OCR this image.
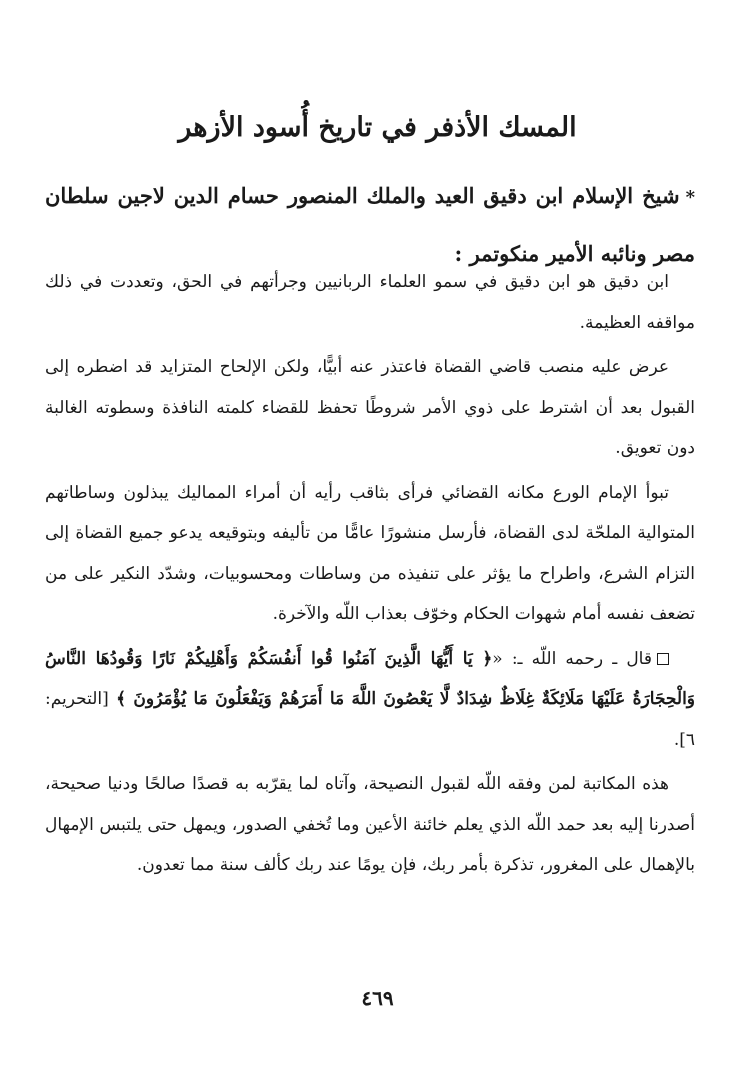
المسك الأذفر في تاريخ أُسود الأزهر
*شيخ الإسلام ابن دقيق العيد والملك المنصور حسام الدين لاجين سلطان مصر ونائبه الأمير منكوتمر :

ابن دقيق هو ابن دقيق في سمو العلماء الربانيين وجرأتهم في الحق، وتعددت في ذلك مواقفه العظيمة.

عرض عليه منصب قاضي القضاة فاعتذر عنه أبيًّا، ولكن الإلحاح المتزايد قد اضطره إلى القبول بعد أن اشترط على ذوي الأمر شروطًا تحفظ للقضاء كلمته النافذة وسطوته الغالبة دون تعويق.

تبوأ الإمام الورع مكانه القضائي فرأى بثاقب رأيه أن أمراء المماليك يبذلون وساطاتهم المتوالية الملحّة لدى القضاة، فأرسل منشورًا عامًّا من تأليفه وبتوقيعه يدعو جميع القضاة إلى التزام الشرع، واطراح ما يؤثر على تنفيذه من وساطات ومحسوبيات، وشدّد النكير على من تضعف نفسه أمام شهوات الحكام وخوّف بعذاب اللّه والآخرة.

قال ـ رحمه اللّه ـ: «﴿ يَا أَيُّهَا الَّذِينَ آمَنُوا قُوا أَنفُسَكُمْ وَأَهْلِيكُمْ نَارًا وَقُودُهَا النَّاسُ وَالْحِجَارَةُ عَلَيْهَا مَلَائِكَةٌ غِلَاظٌ شِدَادٌ لَّا يَعْصُونَ اللَّهَ مَا أَمَرَهُمْ وَيَفْعَلُونَ مَا يُؤْمَرُونَ ﴾ [التحريم: ٦].

هذه المكاتبة لمن وفقه اللّه لقبول النصيحة، وآتاه لما يقرّبه به قصدًا صالحًا ودنيا صحيحة، أصدرنا إليه بعد حمد اللّه الذي يعلم خائنة الأعين وما تُخفي الصدور، ويمهل حتى يلتبس الإمهال بالإهمال على المغرور، تذكرة بأمر ربك، فإن يومًا عند ربك كألف سنة مما تعدون.

٤٦٩
